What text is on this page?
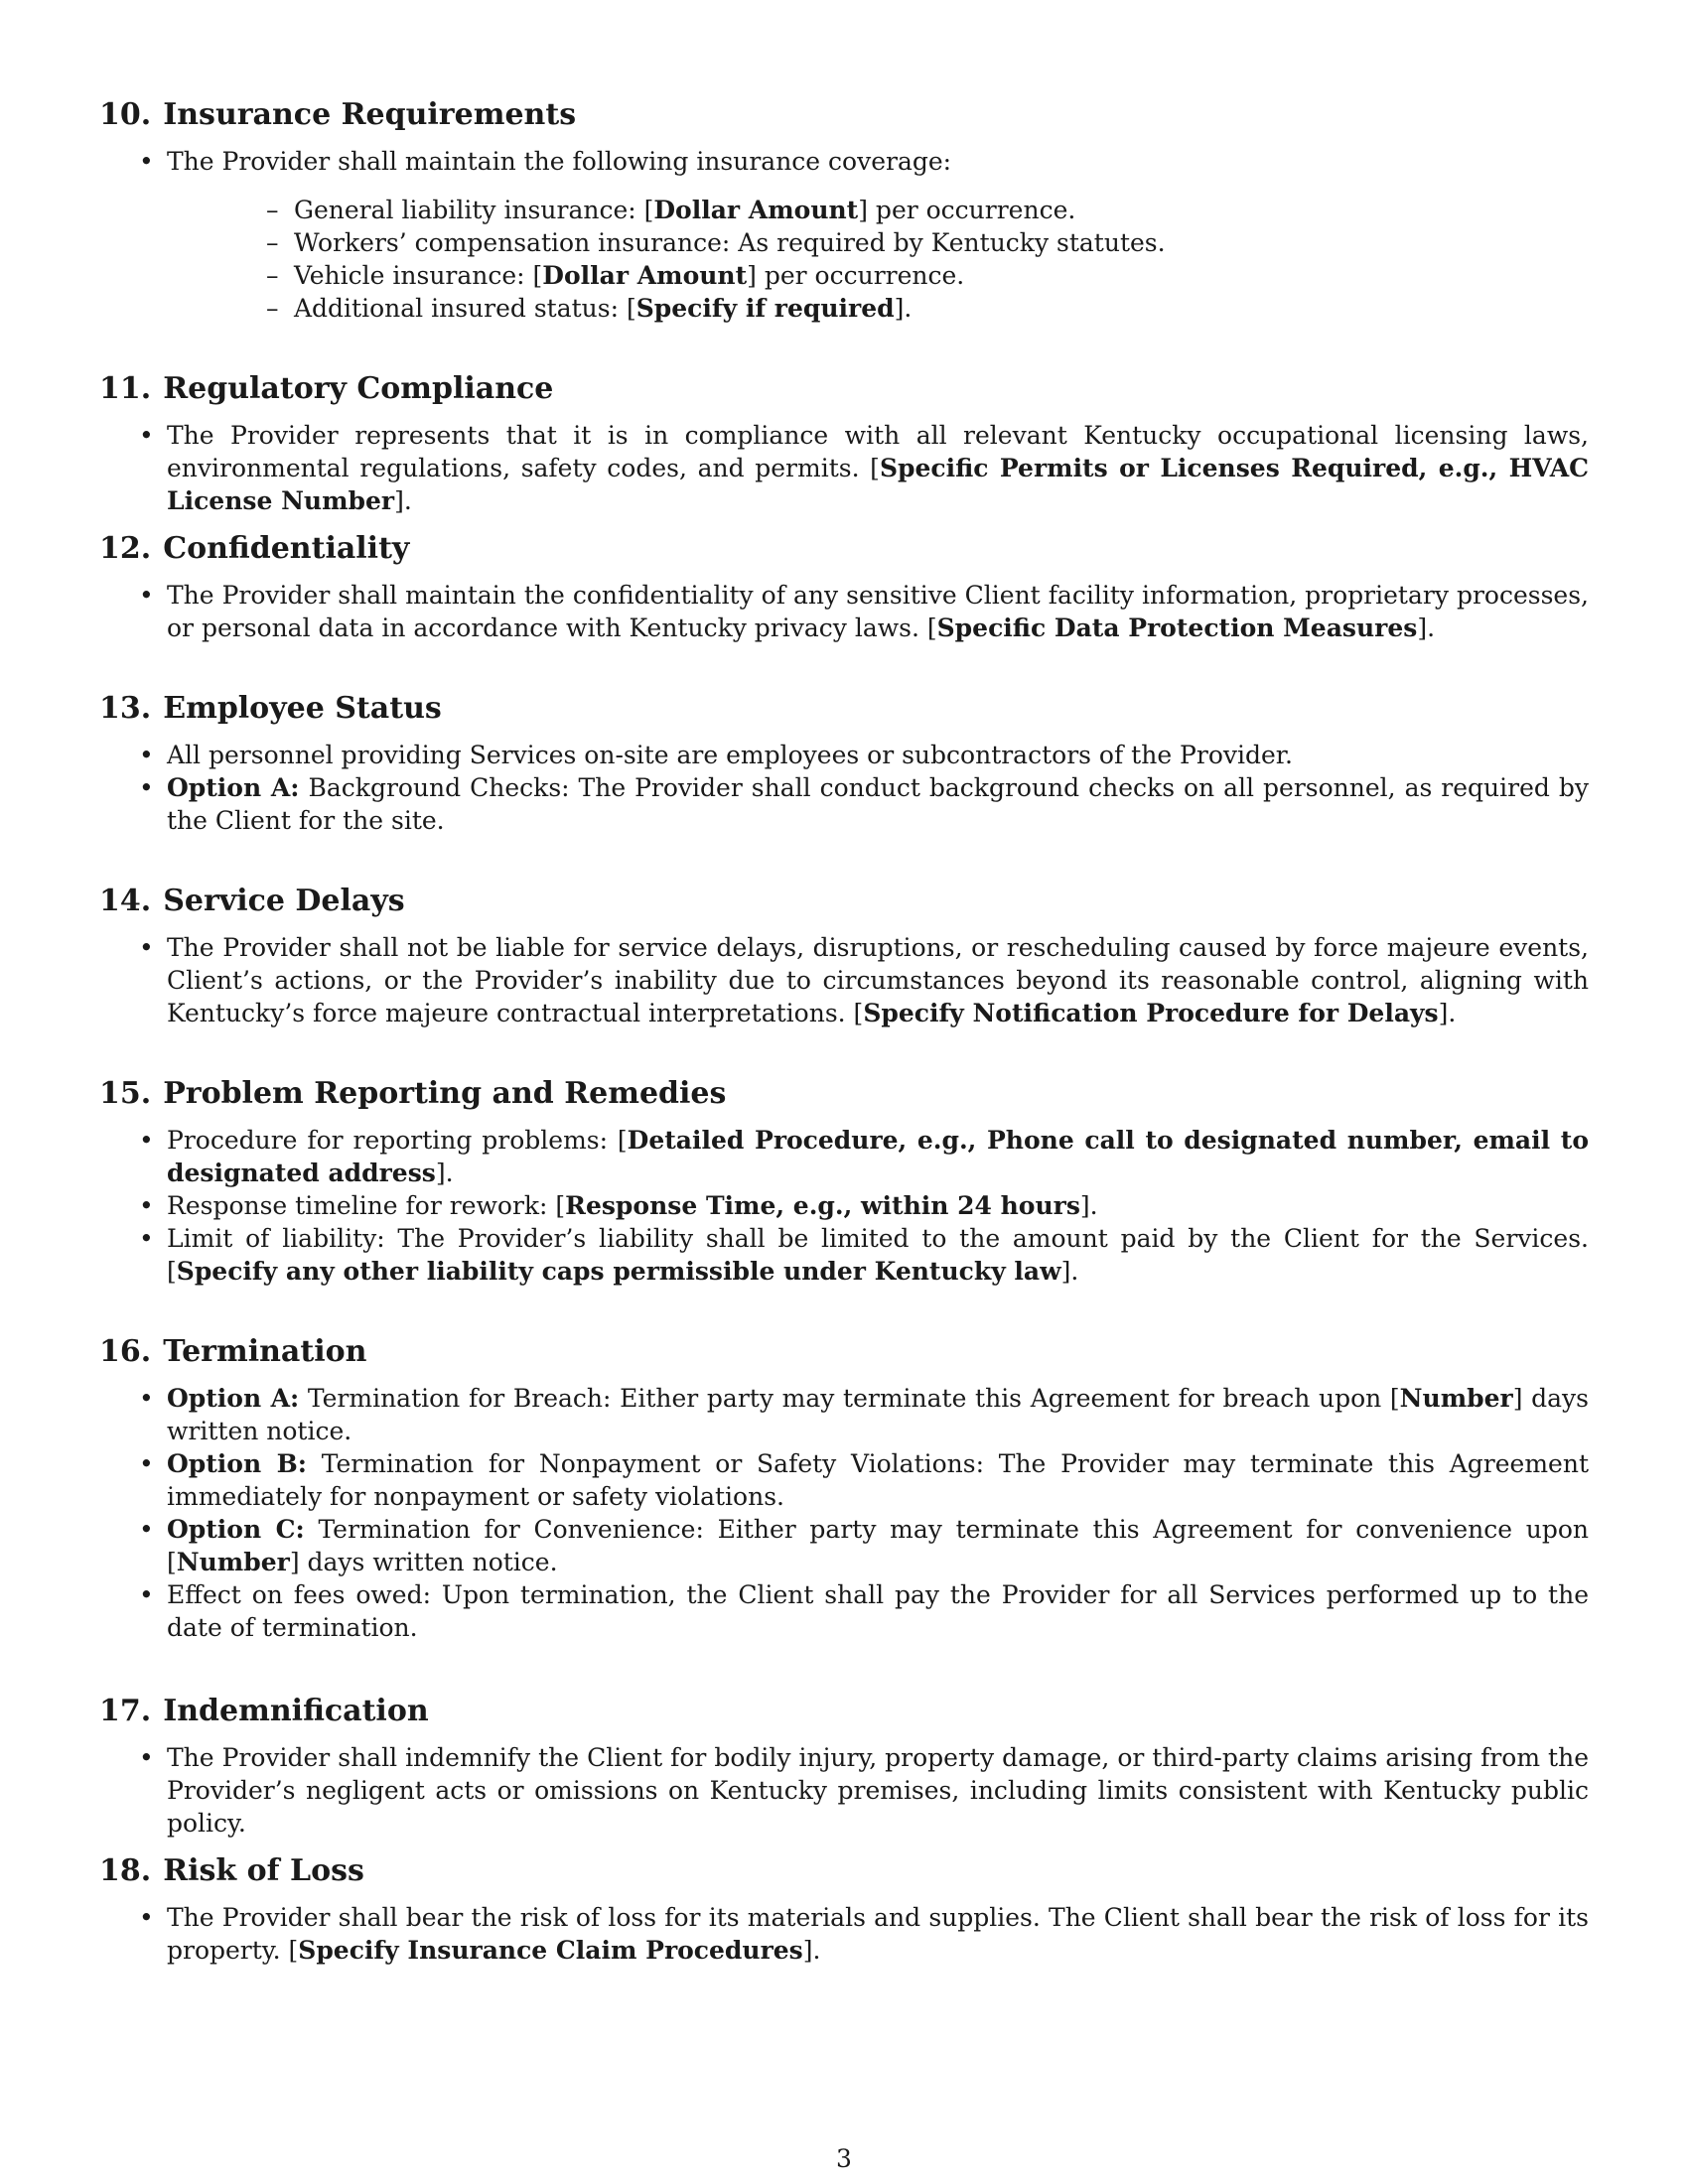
10. Insurance Requirements
• The Provider shall maintain the following insurance coverage:
– General liability insurance: [Dollar Amount] per occurrence.
– Workers’ compensation insurance: As required by Kentucky statutes.
– Vehicle insurance: [Dollar Amount] per occurrence.
– Additional insured status: [Specify if required].
11. Regulatory Compliance
• The Provider represents that it is in compliance with all relevant Kentucky occupational licensing laws, environmental regulations, safety codes, and permits. [Specific Permits or Licenses Required, e.g., HVAC License Number].
12. Confidentiality
• The Provider shall maintain the confidentiality of any sensitive Client facility information, proprietary processes, or personal data in accordance with Kentucky privacy laws. [Specific Data Protection Measures].
13. Employee Status
• All personnel providing Services on-site are employees or subcontractors of the Provider.
• Option A: Background Checks: The Provider shall conduct background checks on all personnel, as required by the Client for the site.
14. Service Delays
• The Provider shall not be liable for service delays, disruptions, or rescheduling caused by force majeure events, Client’s actions, or the Provider’s inability due to circumstances beyond its reasonable control, aligning with Kentucky’s force majeure contractual interpretations. [Specify Notification Procedure for Delays].
15. Problem Reporting and Remedies
• Procedure for reporting problems: [Detailed Procedure, e.g., Phone call to designated number, email to designated address].
• Response timeline for rework: [Response Time, e.g., within 24 hours].
• Limit of liability: The Provider’s liability shall be limited to the amount paid by the Client for the Services. [Specify any other liability caps permissible under Kentucky law].
16. Termination
• Option A: Termination for Breach: Either party may terminate this Agreement for breach upon [Number] days written notice.
• Option B: Termination for Nonpayment or Safety Violations: The Provider may terminate this Agreement immediately for nonpayment or safety violations.
• Option C: Termination for Convenience: Either party may terminate this Agreement for convenience upon [Number] days written notice.
• Effect on fees owed: Upon termination, the Client shall pay the Provider for all Services performed up to the date of termination.
17. Indemnification
• The Provider shall indemnify the Client for bodily injury, property damage, or third-party claims arising from the Provider’s negligent acts or omissions on Kentucky premises, including limits consistent with Kentucky public policy.
18. Risk of Loss
• The Provider shall bear the risk of loss for its materials and supplies. The Client shall bear the risk of loss for its property. [Specify Insurance Claim Procedures].
3
